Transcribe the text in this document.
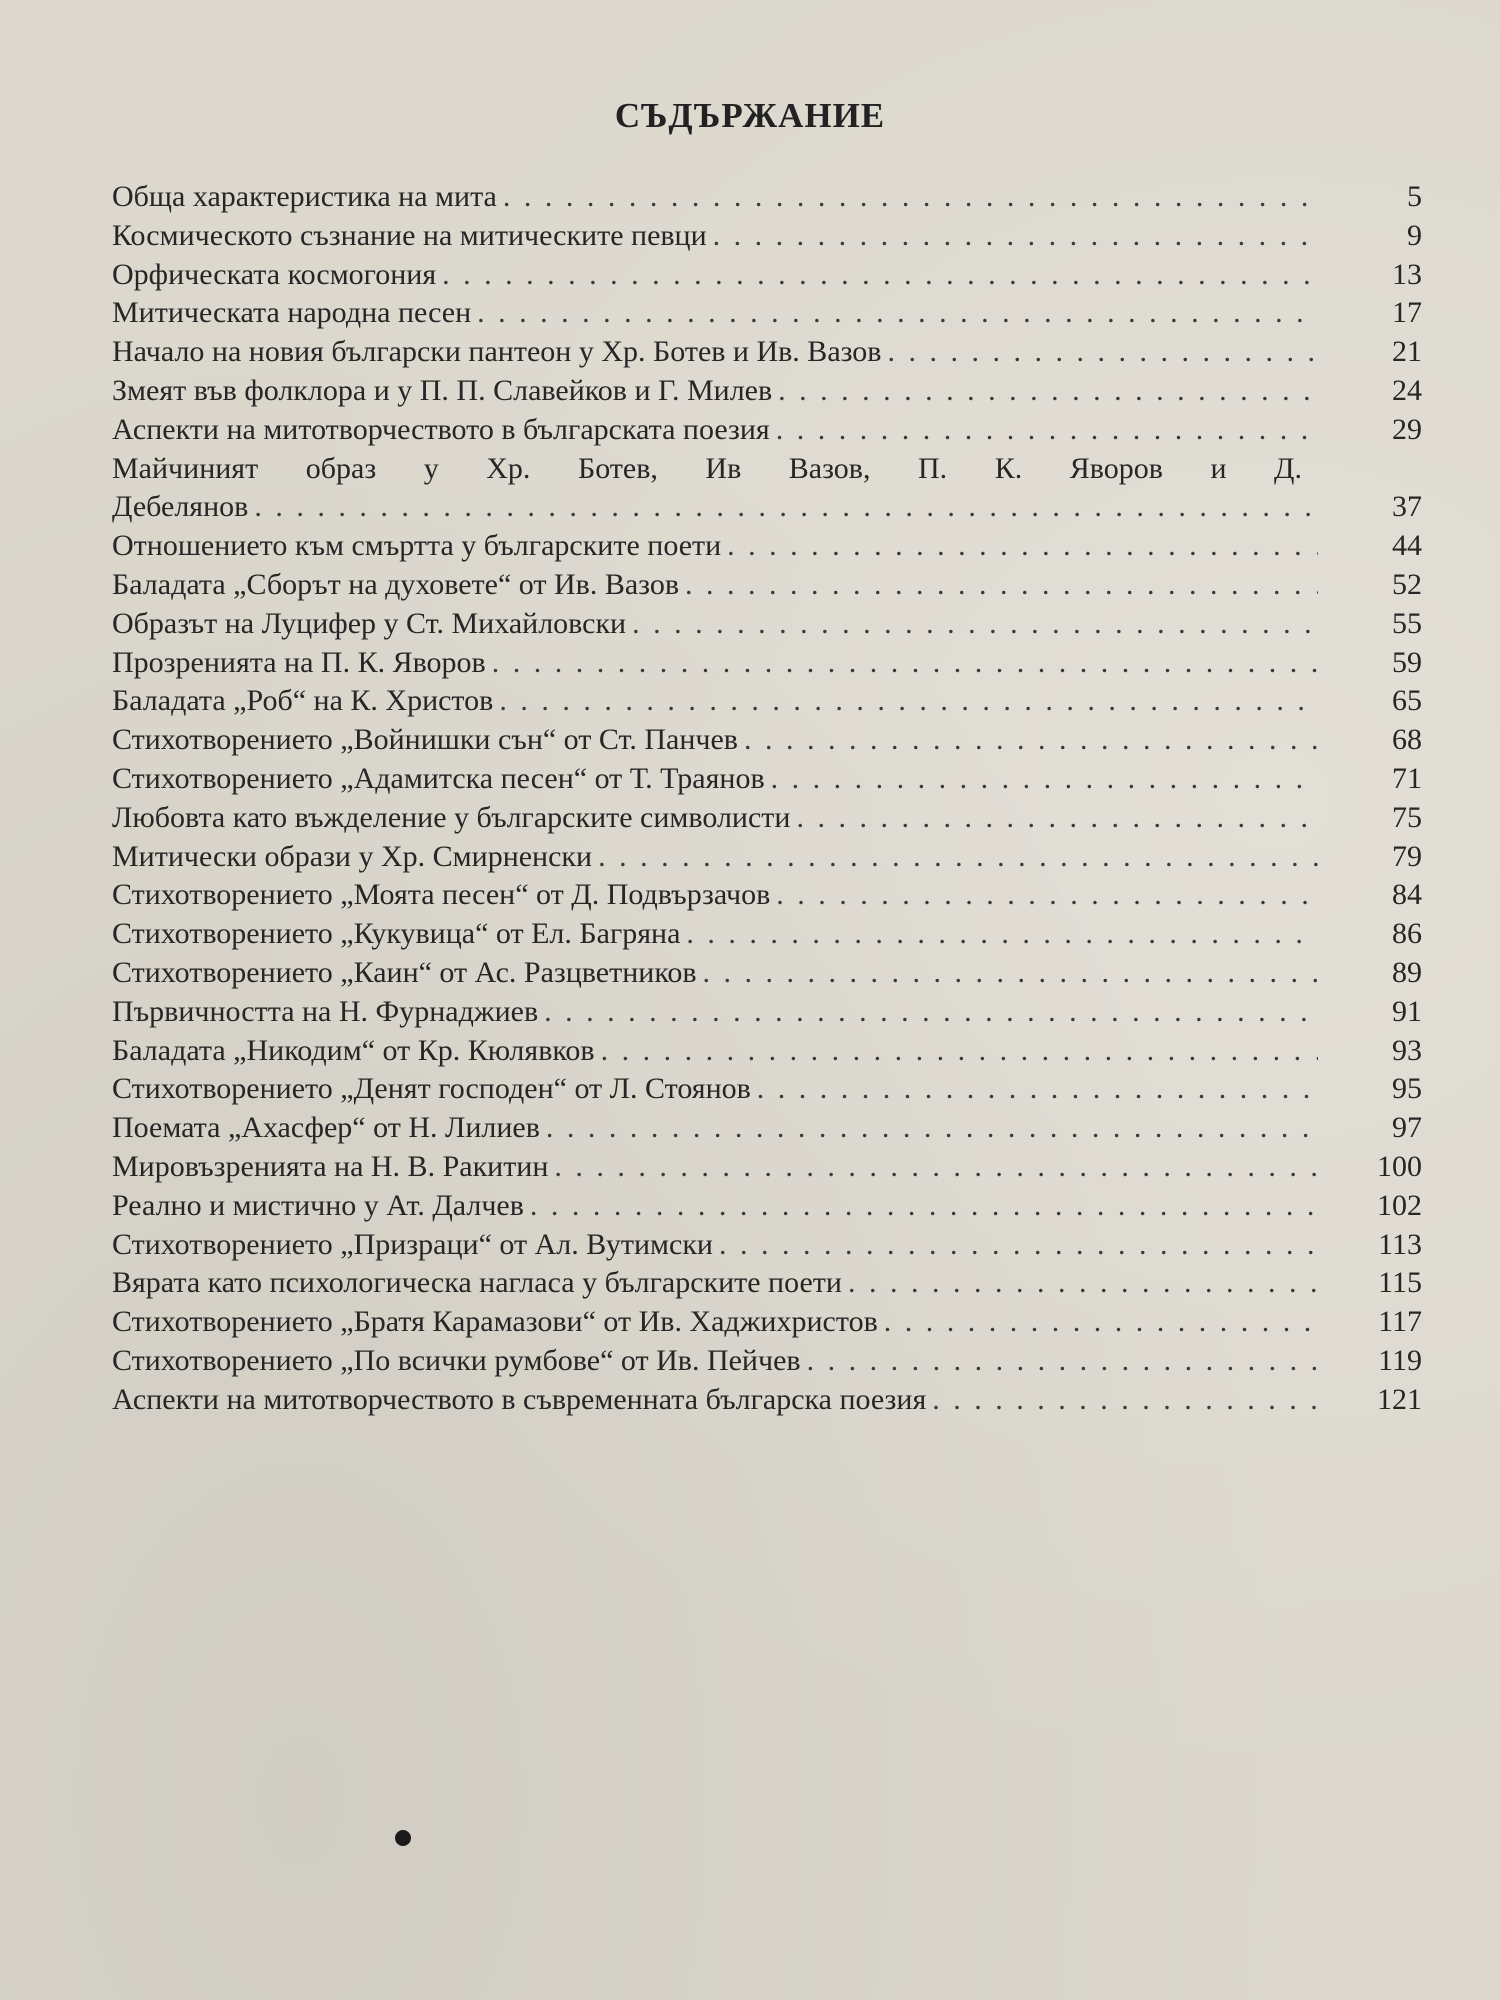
СЪДЪРЖАНИЕ
Обща характеристика на мита . . .	5
Космическото съзнание на митическите певци . . .	9
Орфическата космогония . . .	13
Митическата народна песен . . .	17
Начало на новия български пантеон у Хр. Ботев и Ив. Вазов . . .	21
Змеят във фолклора и у П. П. Славейков и Г. Милев . . .	24
Аспекти на митотворчеството в българската поезия . . .	29
Майчиният образ у Хр. Ботев, Ив Вазов, П. К. Яворов и Д.
Дебелянов . . .	37
Отношението към смъртта у българските поети . . .	44
Баладата „Сборът на духовете“ от Ив. Вазов . . .	52
Образът на Луцифер у Ст. Михайловски . . .	55
Прозренията на П. К. Яворов . . .	59
Баладата „Роб“ на К. Христов . . .	65
Стихотворението „Войнишки сън“ от Ст. Панчев . . .	68
Стихотворението „Адамитска песен“ от Т. Траянов . . .	71
Любовта като въжделение у българските символисти . . .	75
Митически образи у Хр. Смирненски . . .	79
Стихотворението „Моята песен“ от Д. Подвързачов . . .	84
Стихотворението „Кукувица“ от Ел. Багряна . . .	86
Стихотворението „Каин“ от Ас. Разцветников . . .	89
Първичността на Н. Фурнаджиев . . .	91
Баладата „Никодим“ от Кр. Кюлявков . . .	93
Стихотворението „Денят господен“ от Л. Стоянов . . .	95
Поемата „Ахасфер“ от Н. Лилиев . . .	97
Мировъзренията на Н. В. Ракитин . . .	100
Реално и мистично у Ат. Далчев . . .	102
Стихотворението „Призраци“ от Ал. Вутимски . . .	113
Вярата като психологическа нагласа у българските поети . . .	115
Стихотворението „Братя Карамазови“ от Ив. Хаджихристов . . .	117
Стихотворението „По всички румбове“ от Ив. Пейчев . . .	119
Аспекти на митотворчеството в съвременната българска поезия . . .	121
